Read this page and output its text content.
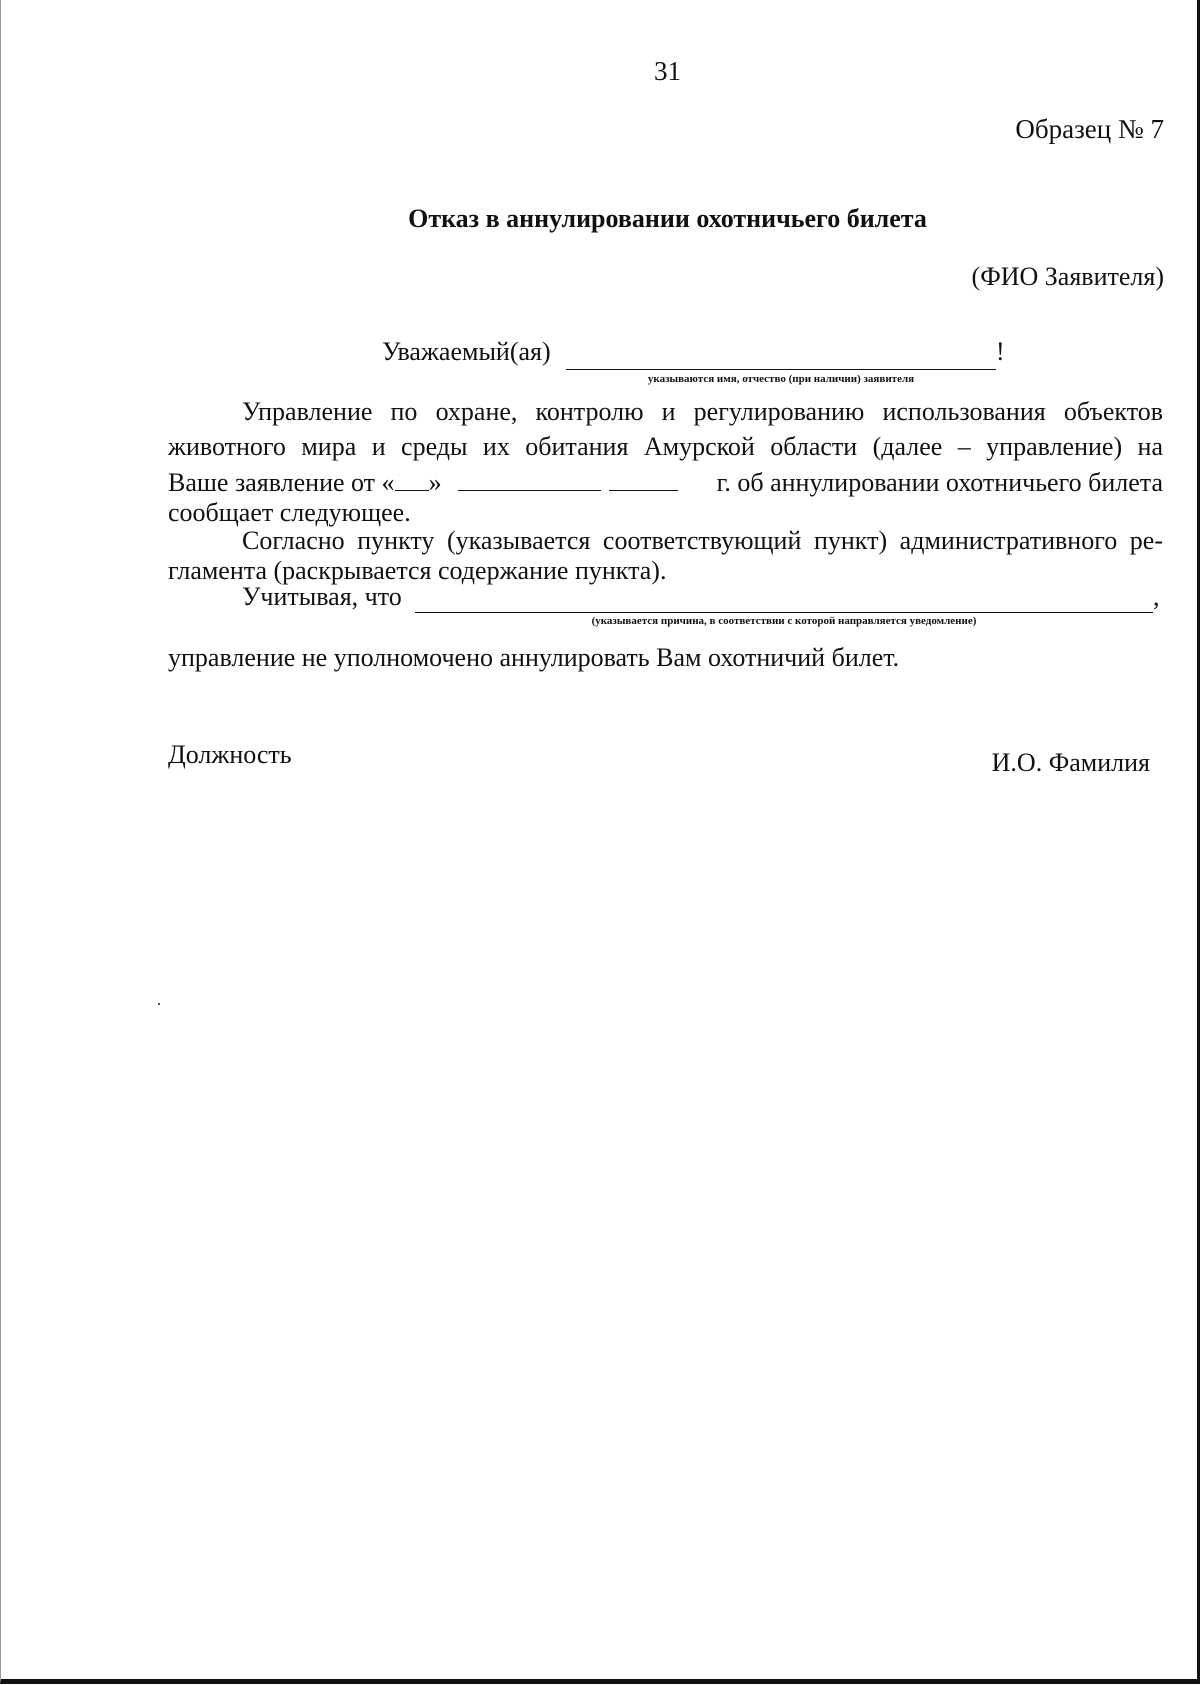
31
Образец № 7
Отказ в аннулировании охотничьего билета
(ФИО Заявителя)
Уважаемый(ая)	!
указываются имя, отчество (при наличии) заявителя
Управление по охране, контролю и регулированию использования объектов
животного мира и среды их обитания Амурской области (далее – управление) на
Ваше заявление от « »	г. об аннулировании охотничьего билета
сообщает следующее.
Согласно пункту (указывается соответствующий пункт) административного ре-
гламента (раскрывается содержание пункта).
Учитывая, что	,
(указывается причина, в соответствии с которой направляется уведомление)
управление не уполномочено аннулировать Вам охотничий билет.
Должность	И.О. Фамилия
